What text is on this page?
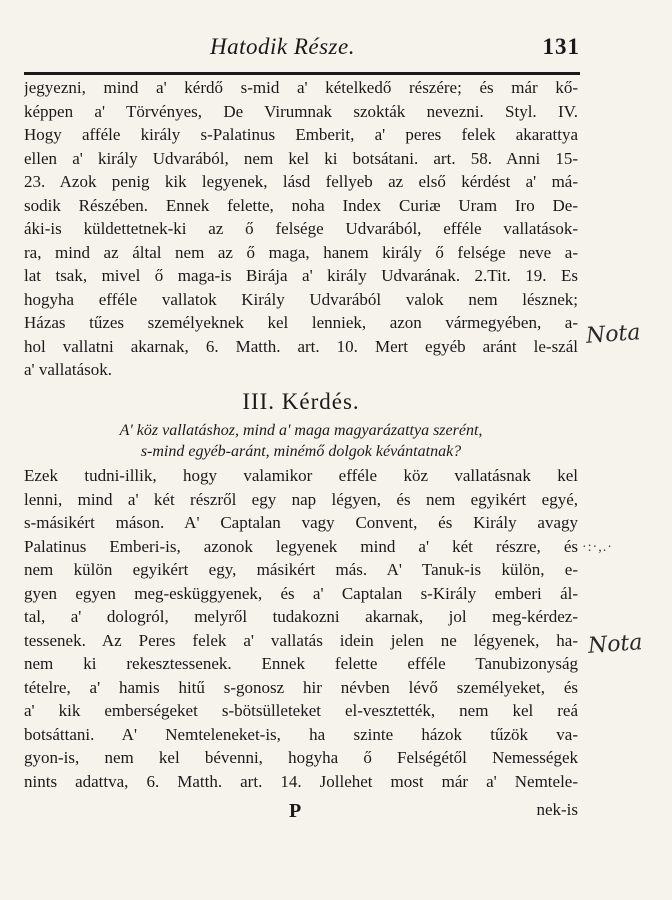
Hatodik Része.	131
jegyezni, mind a' kérdő s-mid a' kételkedő részére; és már kő-
képpen a' Törvényes, De Virumnak szokták nevezni. Styl. IV.
Hogy afféle király s-Palatinus Emberit, a' peres felek akarattya
ellen a' király Udvarából, nem kel ki botsátani. art. 58. Anni 15-
23. Azok penig kik legyenek, lásd fellyeb az első kérdést a' má-
sodik Részében. Ennek felette, noha Index Curiæ Uram Iro De-
áki-is küldettetnek-ki az ő felsége Udvarából, efféle vallatások-
ra, mind az által nem az ő maga, hanem király ő felsége neve a-
lat tsak, mivel ő maga-is Birája a' király Udvarának. 2.Tit. 19. Es
hogyha efféle vallatok Király Udvarából valok nem lésznek;
Házas tűzes személyeknek kel lenniek, azon vármegyében, a-
hol vallatni akarnak, 6. Matth. art. 10. Mert egyéb aránt le-szál
a' vallatások.
III. Kérdés.
A' köz vallatáshoz, mind a' maga magyarázattya szerént,
s-mind egyéb-aránt, minémő dolgok kévántatnak?
Ezek tudni-illik, hogy valamikor efféle köz vallatásnak kel
lenni, mind a' két részről egy nap légyen, és nem egyikért egyé,
s-másikért máson. A' Captalan vagy Convent, és Király avagy
Palatinus Emberi-is, azonok legyenek mind a' két részre, és
nem külön egyikért egy, másikért más. A' Tanuk-is külön, e-
gyen egyen meg-esküggyenek, és a' Captalan s-Király emberi ál-
tal, a' dologról, melyről tudakozni akarnak, jol meg-kérdez-
tessenek. Az Peres felek a' vallatás idein jelen ne légyenek, ha-
nem ki rekesztessenek. Ennek felette efféle Tanubizonyság
tételre, a' hamis hitű s-gonosz hir névben lévő személyeket, és
a' kik emberségeket s-bötsülleteket el-vesztették, nem kel reá
botsáttani. A' Nemteleneket-is, ha szinte házok tűzök va-
gyon-is, nem kel bévenni, hogyha ő Felségétől Nemességek
nints adattva, 6. Matth. art. 14. Jollehet most már a' Nemtele-
Nota
·:·,.·
Nota
P	nek-is
